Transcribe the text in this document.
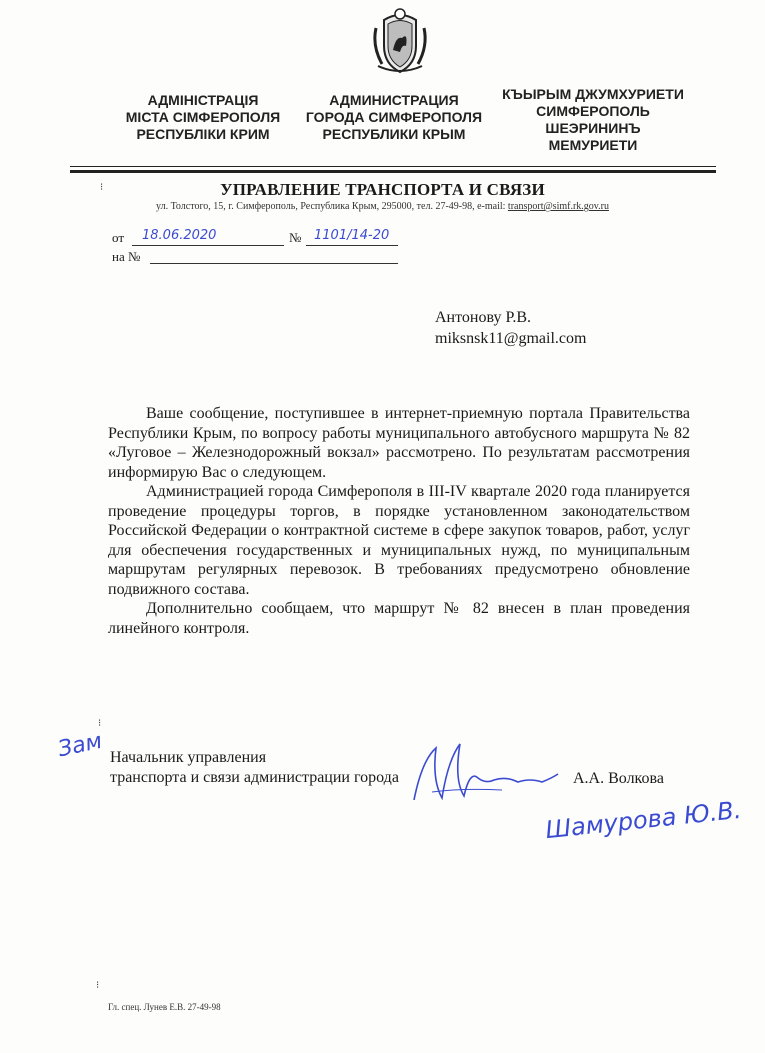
АДМІНІСТРАЦІЯ
МІСТА СІМФЕРОПОЛЯ
РЕСПУБЛІКИ КРИМ
АДМИНИСТРАЦИЯ
ГОРОДА СИМФЕРОПОЛЯ
РЕСПУБЛИКИ КРЫМ
КЪЫРЫМ ДЖУМХУРИЕТИ
СИМФЕРОПОЛЬ
ШЕЭРИНИНЪ
МЕМУРИЕТИ
⁝	УПРАВЛЕНИЕ ТРАНСПОРТА И СВЯЗИ
ул. Толстого, 15, г. Симферополь, Республика Крым, 295000, тел. 27-49-98, e-mail: transport@simf.rk.gov.ru
от 18.06.2020	№ 1101/14-20
на №
Антонову Р.В.
miksnsk11@gmail.com

Ваше сообщение, поступившее в интернет-приемную портала Правительства Республики Крым, по вопросу работы муниципального автобусного маршрута № 82 «Луговое – Железнодорожный вокзал» рассмотрено. По результатам рассмотрения информирую Вас о следующем.

Администрацией города Симферополя в III-IV квартале 2020 года планируется проведение процедуры торгов, в порядке установленном законодательством Российской Федерации о контрактной системе в сфере закупок товаров, работ, услуг для обеспечения государственных и муниципальных нужд, по муниципальным маршрутам регулярных перевозок. В требованиях предусмотрено обновление подвижного состава.

Дополнительно сообщаем, что маршрут № 82 внесен в план проведения линейного контроля.

⁝
Зам Начальник управления
транспорта и связи администрации города	А.А. Волкова
Шамурова Ю.В.
⁝
Гл. спец. Лунев Е.В. 27-49-98
